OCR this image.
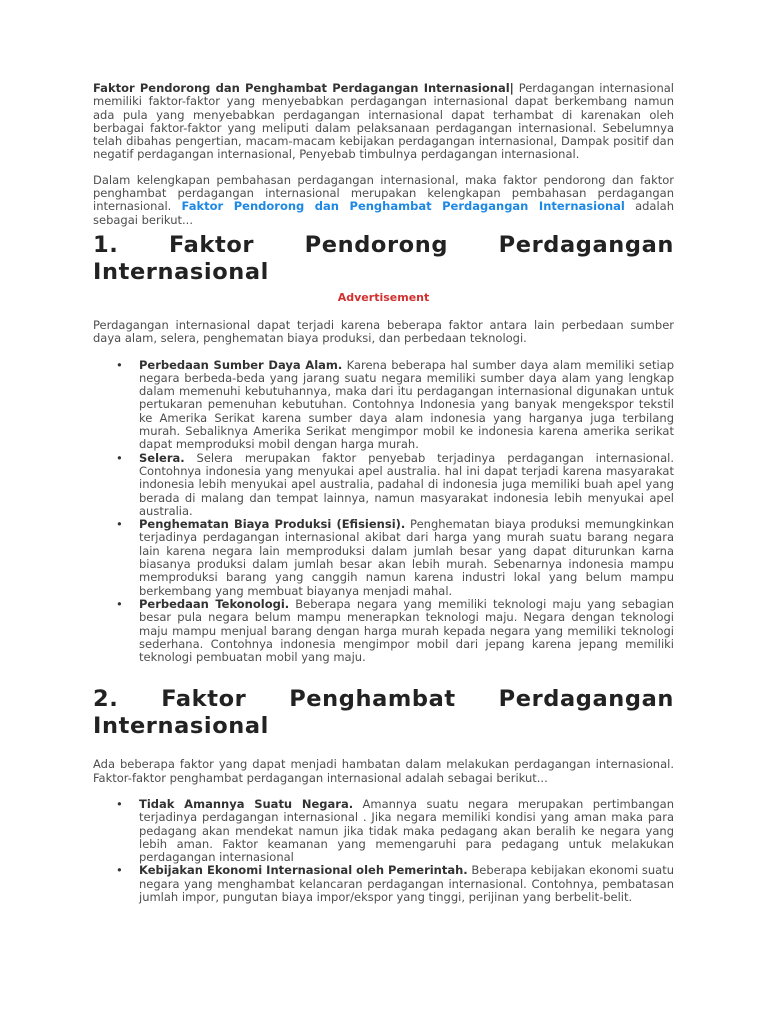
Faktor Pendorong dan Penghambat Perdagangan Internasional| Perdagangan internasional memiliki faktor-faktor yang menyebabkan perdagangan internasional dapat berkembang namun ada pula yang menyebabkan perdagangan internasional dapat terhambat di karenakan oleh berbagai faktor-faktor yang meliputi dalam pelaksanaan perdagangan internasional. Sebelumnya telah dibahas pengertian, macam-macam kebijakan perdagangan internasional, Dampak positif dan negatif perdagangan internasional, Penyebab timbulnya perdagangan internasional.

Dalam kelengkapan pembahasan perdagangan internasional, maka faktor pendorong dan faktor penghambat perdagangan internasional merupakan kelengkapan pembahasan perdagangan internasional. Faktor Pendorong dan Penghambat Perdagangan Internasional adalah sebagai berikut...

1. Faktor Pendorong Perdagangan
Internasional
Advertisement

Perdagangan internasional dapat terjadi karena beberapa faktor antara lain perbedaan sumber daya alam, selera, penghematan biaya produksi, dan perbedaan teknologi.

• Perbedaan Sumber Daya Alam. Karena beberapa hal sumber daya alam memiliki setiap negara berbeda-beda yang jarang suatu negara memiliki sumber daya alam yang lengkap dalam memenuhi kebutuhannya, maka dari itu perdagangan internasional digunakan untuk pertukaran pemenuhan kebutuhan. Contohnya Indonesia yang banyak mengekspor tekstil ke Amerika Serikat karena sumber daya alam indonesia yang harganya juga terbilang murah. Sebaliknya Amerika Serikat mengimpor mobil ke indonesia karena amerika serikat dapat memproduksi mobil dengan harga murah.
• Selera. Selera merupakan faktor penyebab terjadinya perdagangan internasional. Contohnya indonesia yang menyukai apel australia. hal ini dapat terjadi karena masyarakat indonesia lebih menyukai apel australia, padahal di indonesia juga memiliki buah apel yang berada di malang dan tempat lainnya, namun masyarakat indonesia lebih menyukai apel australia.
• Penghematan Biaya Produksi (Efisiensi). Penghematan biaya produksi memungkinkan terjadinya perdagangan internasional akibat dari harga yang murah suatu barang negara lain karena negara lain memproduksi dalam jumlah besar yang dapat diturunkan karna biasanya produksi dalam jumlah besar akan lebih murah. Sebenarnya indonesia mampu memproduksi barang yang canggih namun karena industri lokal yang belum mampu berkembang yang membuat biayanya menjadi mahal.
• Perbedaan Tekonologi. Beberapa negara yang memiliki teknologi maju yang sebagian besar pula negara belum mampu menerapkan teknologi maju. Negara dengan teknologi maju mampu menjual barang dengan harga murah kepada negara yang memiliki teknologi sederhana. Contohnya indonesia mengimpor mobil dari jepang karena jepang memiliki teknologi pembuatan mobil yang maju.
2. Faktor Penghambat Perdagangan
Internasional

Ada beberapa faktor yang dapat menjadi hambatan dalam melakukan perdagangan internasional. Faktor-faktor penghambat perdagangan internasional adalah sebagai berikut...

• Tidak Amannya Suatu Negara. Amannya suatu negara merupakan pertimbangan terjadinya perdagangan internasional . Jika negara memiliki kondisi yang aman maka para pedagang akan mendekat namun jika tidak maka pedagang akan beralih ke negara yang lebih aman. Faktor keamanan yang memengaruhi para pedagang untuk melakukan perdagangan internasional
• Kebijakan Ekonomi Internasional oleh Pemerintah. Beberapa kebijakan ekonomi suatu negara yang menghambat kelancaran perdagangan internasional. Contohnya, pembatasan jumlah impor, pungutan biaya impor/ekspor yang tinggi, perijinan yang berbelit-belit.
